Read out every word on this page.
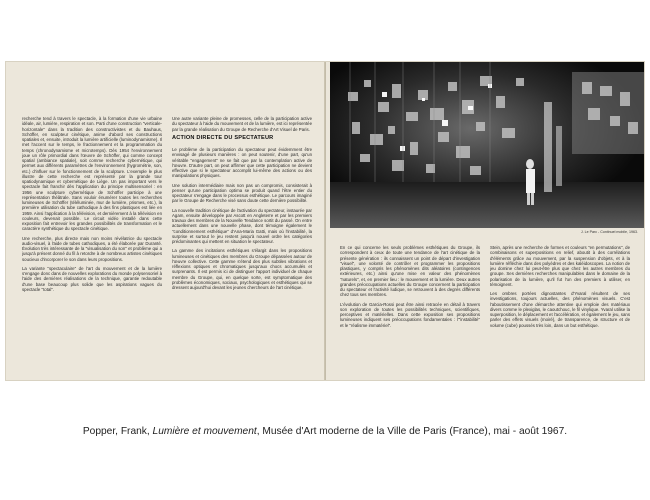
recherche tend à travers le spectacle, à la formation d'une vie urbaine idéale, air, lumière, respiration et son. Parti d'une construction "verticale-horizontale" dans la tradition des constructivistes et du Bauhaus, Schöffer, en sculpteur cinétique, anime d'abord ses constructions spatiales et, ensuite, introduit la lumière artificielle (luminodynamisme). Il met l'accent sur le temps, le fractionnement et la programmation du temps (chronodynamisme et microtemps). Dès 1954 l'environnement joue un rôle primordial dans l'œuvre de Schöffer, qui comme concept spatial (ambiance spatiale), soit comme recherche cybernétique, qui permet aux différents paramètres de l'environnement (hygrométrie, son, etc.) d'influer sur le fonctionnement de la sculpture. L'exemple le plus illustre de cette recherche est représenté par la grande tour spatiodynamique et cybernétique de Liège. Un pas important vers le spectacle fait franchir dès l'application du principe multisensoriel : en 1956 une sculpture cybernétique de Schöffer participe à une représentation théâtrale. Sans vouloir énumérer toutes les recherches lumineuses de Schöffer (téléluminée, mur de lumière, prismes, etc.), la première utilisation du tube cathodique à des fins plastiques est liée en 1959. Ainsi l'application à la télévision, et dernièrement à la télévision en couleurs, devenait possible. Le circuit vidéo installé dans cette exposition fait entrevoir les grandes possibilités de transformation et le caractère synthétique du spectacle cinétique.

Une recherche, plus directe mais non moins révélatrice du spectacle audio-visuel, à l'aide de tubes cathodiques, a été élaborée par Duranté. Évolution très intéressante de la "visualisation du son" et problème qui a jusqu'à présent donné du fil à retordre à de nombreux artistes cinétiques soucieux d'incorporer le son dans leurs propositions.

La variante "spectaculaire" de l'art du mouvement et de la lumière s'engage donc dans de nouvelles explorations du monde polysensoriel à l'aide des dernières réalisations de la technique, garantie redoutable d'une base beaucoup plus solide que les aspirations vagues du spectacle "total".

Une autre variante pleine de promesses, celle de la participation active du spectateur à l'aide du mouvement et de la lumière, est ici représentée par la grande réalisation du Groupe de Recherche d'Art Visuel de Paris.

ACTION DIRECTE DU SPECTATEUR

Le problème de la participation du spectateur peut évidemment être envisagé de plusieurs manières : on peut soutenir, d'une part, qu'un véritable "engagement" ne se fait que par la contemplation active de l'œuvre. D'autre part, on peut affirmer que cette participation ne devient effective que si le spectateur accomplit lui-même des actions ou des manipulations physiques.

Une solution intermédiaire mais non pas un compromis, consisterait à penser qu'une participation optima se produit quand l'être entier du spectateur s'engage dans le processus esthétique. Le parcours imaginé par le Groupe de Recherche visé sans doute cette dernière possibilité.

La nouvelle tradition cinétique de l'activation du spectateur, instaurée par Agam, ensuite développée par Ascott en Angleterre et par les premiers travaux des membres de la Nouvelle Tendance sortit du passé. On entre actuellement dans une nouvelle phase, dont témoigne également le "conditionnement esthétique" d'Ana-Maria Gatti, mais où l'instabilité, la surprise et surtout le jeu restent jusqu'à nouvel ordre les catégories prédominantes qui mettent en situation le spectateur.

La gamme des incitations esthétiques s'élargit dans les propositions lumineuses et cinétiques des membres du Groupe dépassées autour de l'œuvre collective. Cette gamme s'étend des plus subtiles vibrations et réflexions optiques et chromatiques jusqu'aux chocs accumulés et surprenants. Il est permis ici de distinguer l'apport individuel de chaque membre du Groupe, qui, en quelque sorte, est symptomatique des problèmes économiques, sociaux, psychologiques et esthétiques qui se dressent aujourd'hui devant les jeunes chercheurs de l'art cinétique.

J. Le Parc - Continuel mobile, 1963.

En ce qui concerne les seuls problèmes esthétiques du Groupe, ils correspondent à ceux de toute une tendance de l'art cinétique de la présente génération : ils connaissent un point de départ d'investigation "visuel", une volonté de contrôler et programmer les propositions plastiques, y compris les phénomènes dits aléatoires (contingences extérieures, etc.) ainsi qu'une mise en valeur des phénomènes "naturels", et, en premier lieu : le mouvement et la lumière. Deux autres grandes préoccupations actuelles du Groupe concernent la participation du spectateur et l'activité ludique, se retrouvent à des degrés différents chez tous ses membres.

L'évolution de Garcia-Rossi peut être ainsi retracée en détail à travers son exploration de toutes les possibilités techniques, scientifiques, perceptives et matérielles. Dans cette exposition ses propositions lumineuses indiquent ses préoccupations fondamentales : l'"instabilité" et le "réalisme immatériel".

Stein, après une recherche de formes et couleurs "en permutations", de combinaisons et superpositions en relief, aboutit à des corrélations d'éléments grâce au mouvement, par la suspension d'objets, et à la lumière réfléchie dans des polyèdres et des kaléidoscopes. La notion de jeu domine chez lui peut-être plus que chez les autres membres du groupe. Ses dernières recherches manipulables dans le domaine de la polarisation de la lumière, qu'il fut l'un des premiers à utiliser, en témoignent.

Les ombres portées dignostantes d'Yvaral résultent de ses investigations, toujours actuelles, des phénomènes visuels. C'est l'aboutissement d'une démarche attentive qui emploie des matériaux divers comme le plexiglas, le caoutchouc, le fil vinylique. Yvaral utilise la superposition, le déplacement et l'accélération, et également le jeu, sans parler des effets visuels (moiré), de transparence, de structure et de volume (cube) poussés très loin, dans un but esthétique.

Popper, Frank, Lumière et mouvement, Musée d'Art moderne de la Ville de Paris (France), mai - août 1967.
